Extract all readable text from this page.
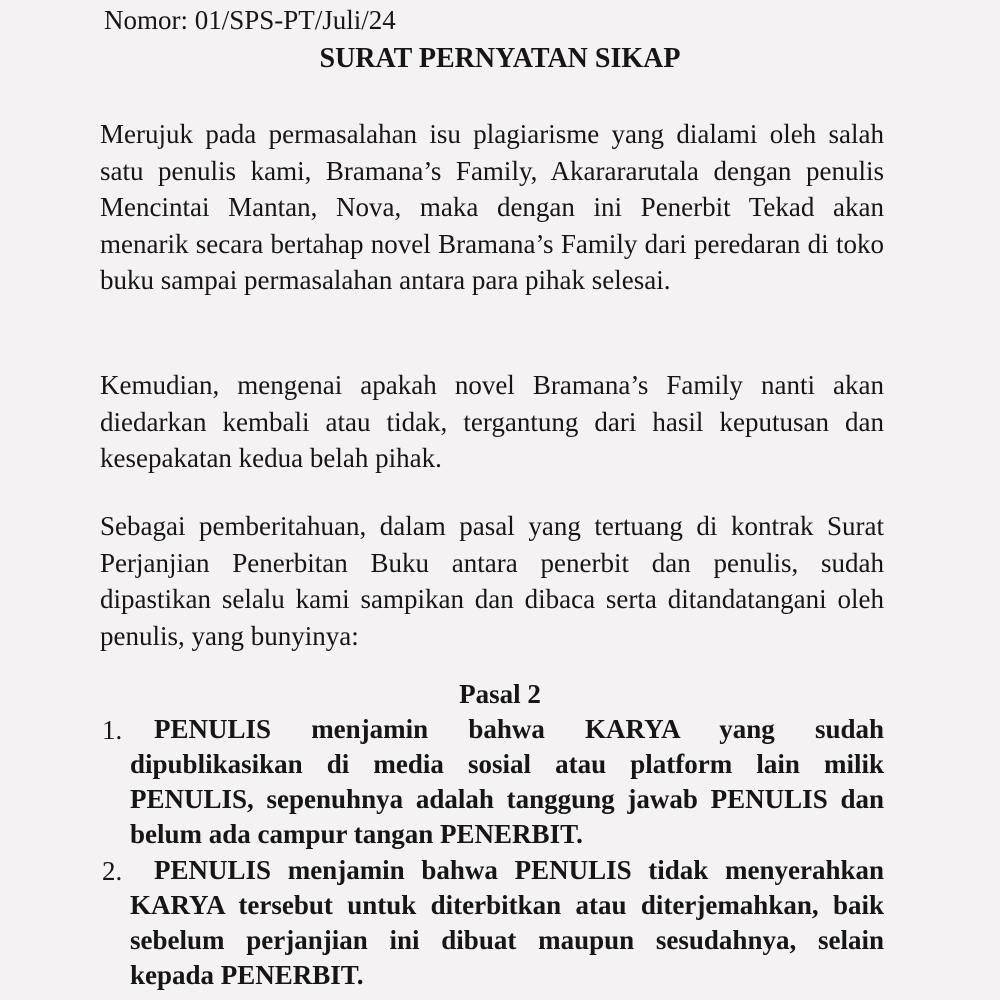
Nomor: 01/SPS-PT/Juli/24

SURAT PERNYATAN SIKAP

Merujuk pada permasalahan isu plagiarisme yang dialami oleh salah satu penulis kami, Bramana’s Family, Akarararutala dengan penulis Mencintai Mantan, Nova, maka dengan ini Penerbit Tekad akan menarik secara bertahap novel Bramana’s Family dari peredaran di toko buku sampai permasalahan antara para pihak selesai.

Kemudian, mengenai apakah novel Bramana’s Family nanti akan diedarkan kembali atau tidak, tergantung dari hasil keputusan dan kesepakatan kedua belah pihak.

Sebagai pemberitahuan, dalam pasal yang tertuang di kontrak Surat Perjanjian Penerbitan Buku antara penerbit dan penulis, sudah dipastikan selalu kami sampikan dan dibaca serta ditandatangani oleh penulis, yang bunyinya:

Pasal 2
1.	PENULIS menjamin bahwa KARYA yang sudah dipublikasikan di media sosial atau platform lain milik PENULIS, sepenuhnya adalah tanggung jawab PENULIS dan belum ada campur tangan PENERBIT.
2.	PENULIS menjamin bahwa PENULIS tidak menyerahkan KARYA tersebut untuk diterbitkan atau diterjemahkan, baik sebelum perjanjian ini dibuat maupun sesudahnya, selain kepada PENERBIT.
